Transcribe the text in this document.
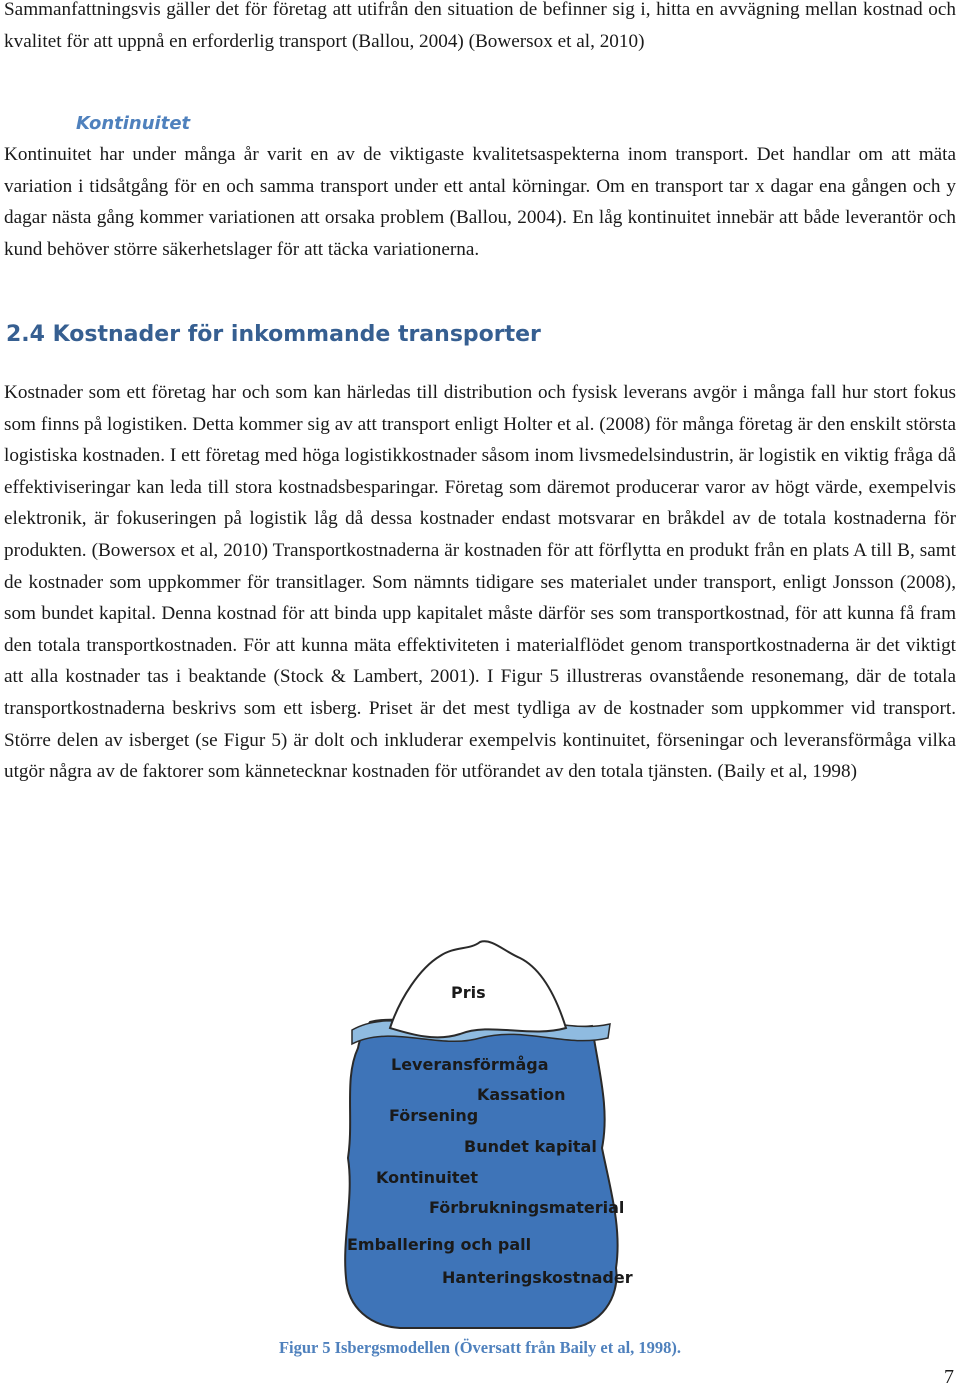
Sammanfattningsvis gäller det för företag att utifrån den situation de befinner sig i, hitta en avvägning mellan kostnad och kvalitet för att uppnå en erforderlig transport (Ballou, 2004) (Bowersox et al, 2010)

Kontinuitet

Kontinuitet har under många år varit en av de viktigaste kvalitetsaspekterna inom transport. Det handlar om att mäta variation i tidsåtgång för en och samma transport under ett antal körningar. Om en transport tar x dagar ena gången och y dagar nästa gång kommer variationen att orsaka problem (Ballou, 2004). En låg kontinuitet innebär att både leverantör och kund behöver större säkerhetslager för att täcka variationerna.

2.4 Kostnader för inkommande transporter

Kostnader som ett företag har och som kan härledas till distribution och fysisk leverans avgör i många fall hur stort fokus som finns på logistiken. Detta kommer sig av att transport enligt Holter et al. (2008) för många företag är den enskilt största logistiska kostnaden. I ett företag med höga logistikkostnader såsom inom livsmedelsindustrin, är logistik en viktig fråga då effektiviseringar kan leda till stora kostnadsbesparingar. Företag som däremot producerar varor av högt värde, exempelvis elektronik, är fokuseringen på logistik låg då dessa kostnader endast motsvarar en bråkdel av de totala kostnaderna för produkten. (Bowersox et al, 2010) Transportkostnaderna är kostnaden för att förflytta en produkt från en plats A till B, samt de kostnader som uppkommer för transitlager. Som nämnts tidigare ses materialet under transport, enligt Jonsson (2008), som bundet kapital. Denna kostnad för att binda upp kapitalet måste därför ses som transportkostnad, för att kunna få fram den totala transportkostnaden. För att kunna mäta effektiviteten i materialflödet genom transportkostnaderna är det viktigt att alla kostnader tas i beaktande (Stock & Lambert, 2001). I Figur 5 illustreras ovanstående resonemang, där de totala transportkostnaderna beskrivs som ett isberg. Priset är det mest tydliga av de kostnader som uppkommer vid transport. Större delen av isberget (se Figur 5) är dolt och inkluderar exempelvis kontinuitet, förseningar och leveransförmåga vilka utgör några av de faktorer som kännetecknar kostnaden för utförandet av den totala tjänsten. (Baily et al, 1998)

Pris
Leveransförmåga
Kassation
Försening
Bundet kapital
Kontinuitet
Förbrukningsmaterial
Emballering och pall
Hanteringskostnader
Figur 5 Isbergsmodellen (Översatt från Baily et al, 1998).
7
